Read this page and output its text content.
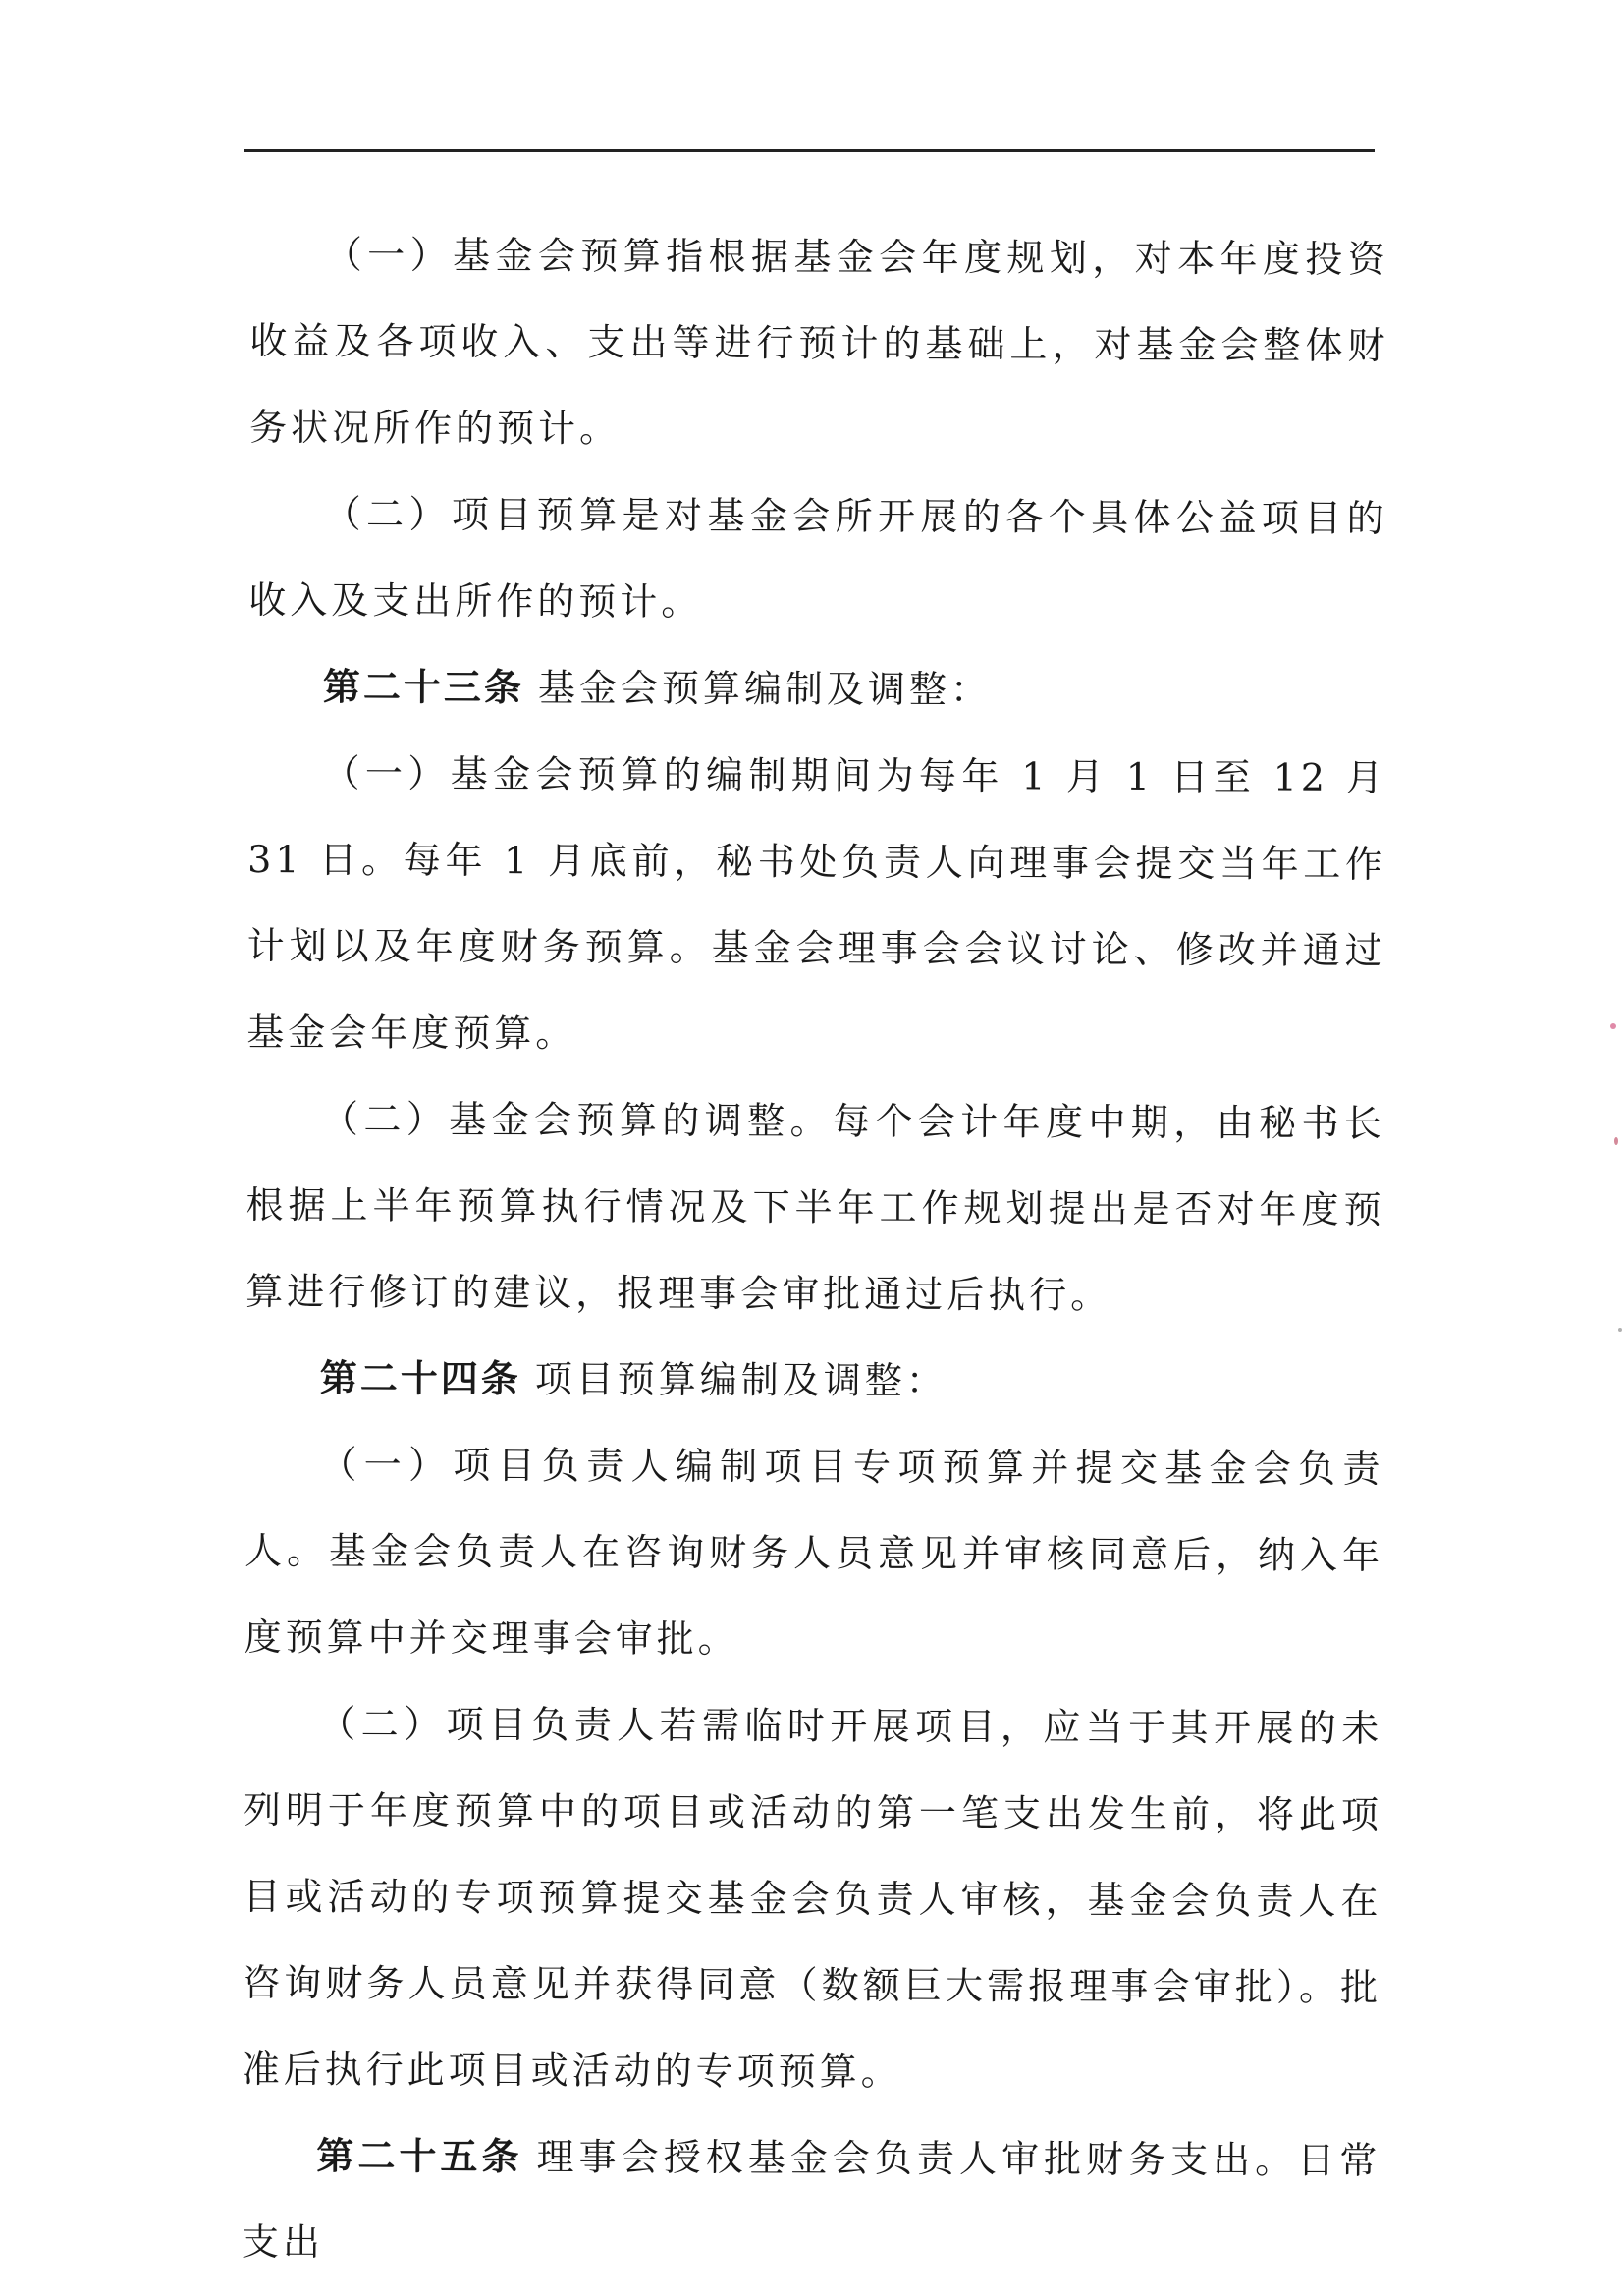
（一）基金会预算指根据基金会年度规划，对本年度投资收益及各项收入、支出等进行预计的基础上，对基金会整体财务状况所作的预计。

（二）项目预算是对基金会所开展的各个具体公益项目的收入及支出所作的预计。

第二十三条 基金会预算编制及调整：

（一）基金会预算的编制期间为每年 1 月 1 日至 12 月 31 日。每年 1 月底前，秘书处负责人向理事会提交当年工作计划以及年度财务预算。基金会理事会会议讨论、修改并通过基金会年度预算。

（二）基金会预算的调整。每个会计年度中期，由秘书长根据上半年预算执行情况及下半年工作规划提出是否对年度预算进行修订的建议，报理事会审批通过后执行。

第二十四条 项目预算编制及调整：

（一）项目负责人编制项目专项预算并提交基金会负责人。基金会负责人在咨询财务人员意见并审核同意后，纳入年度预算中并交理事会审批。

（二）项目负责人若需临时开展项目，应当于其开展的未列明于年度预算中的项目或活动的第一笔支出发生前，将此项目或活动的专项预算提交基金会负责人审核，基金会负责人在咨询财务人员意见并获得同意（数额巨大需报理事会审批）。批准后执行此项目或活动的专项预算。

第二十五条 理事会授权基金会负责人审批财务支出。日常支出
